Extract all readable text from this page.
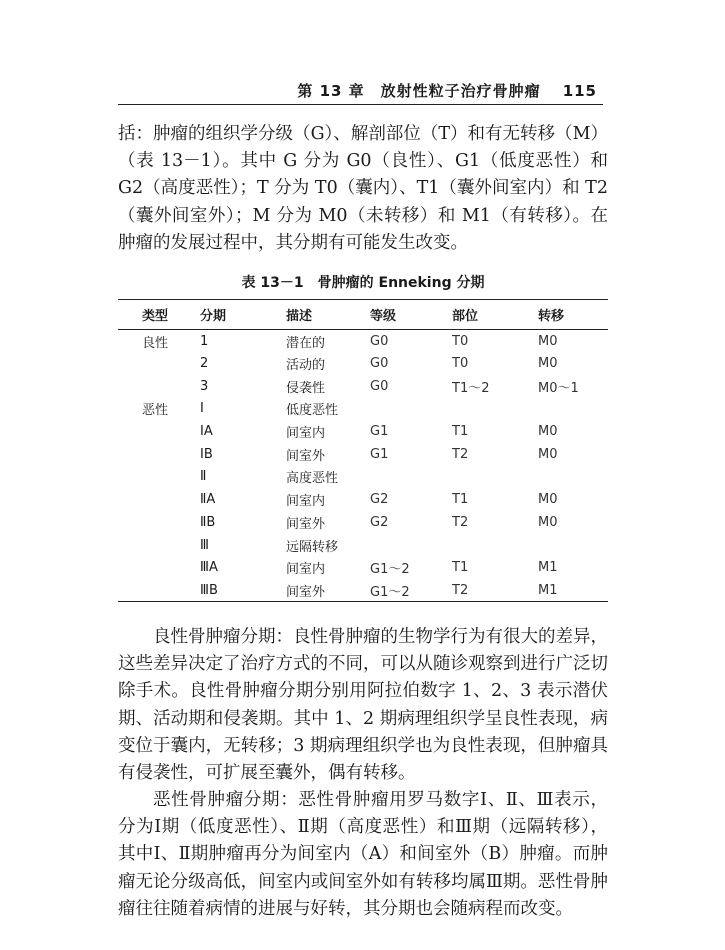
第 13 章　放射性粒子治疗骨肿瘤 115

括：肿瘤的组织学分级（G）、解剖部位（T）和有无转移（M）（表 13－1）。其中 G 分为 G0（良性）、G1（低度恶性）和 G2（高度恶性）；T 分为 T0（囊内）、T1（囊外间室内）和 T2（囊外间室外）；M 分为 M0（未转移）和 M1（有转移）。在肿瘤的发展过程中，其分期有可能发生改变。

表 13－1　骨肿瘤的 Enneking 分期
	类型	分期	描述	等级	部位	转移
	良性	1	潜在的	G0	T0	M0
		2	活动的	G0	T0	M0
		3	侵袭性	G0	T1～2	M0～1
	恶性	Ⅰ	低度恶性			
		ⅠA	间室内	G1	T1	M0
		ⅠB	间室外	G1	T2	M0
		Ⅱ	高度恶性			
		ⅡA	间室内	G2	T1	M0
		ⅡB	间室外	G2	T2	M0
		Ⅲ	远隔转移			
		ⅢA	间室内	G1～2	T1	M1
		ⅢB	间室外	G1～2	T2	M1

良性骨肿瘤分期：良性骨肿瘤的生物学行为有很大的差异，这些差异决定了治疗方式的不同，可以从随诊观察到进行广泛切除手术。良性骨肿瘤分期分别用阿拉伯数字 1、2、3 表示潜伏期、活动期和侵袭期。其中 1、2 期病理组织学呈良性表现，病变位于囊内，无转移；3 期病理组织学也为良性表现，但肿瘤具有侵袭性，可扩展至囊外，偶有转移。

恶性骨肿瘤分期：恶性骨肿瘤用罗马数字Ⅰ、Ⅱ、Ⅲ表示，分为Ⅰ期（低度恶性）、Ⅱ期（高度恶性）和Ⅲ期（远隔转移），其中Ⅰ、Ⅱ期肿瘤再分为间室内（A）和间室外（B）肿瘤。而肿瘤无论分级高低，间室内或间室外如有转移均属Ⅲ期。恶性骨肿瘤往往随着病情的进展与好转，其分期也会随病程而改变。
